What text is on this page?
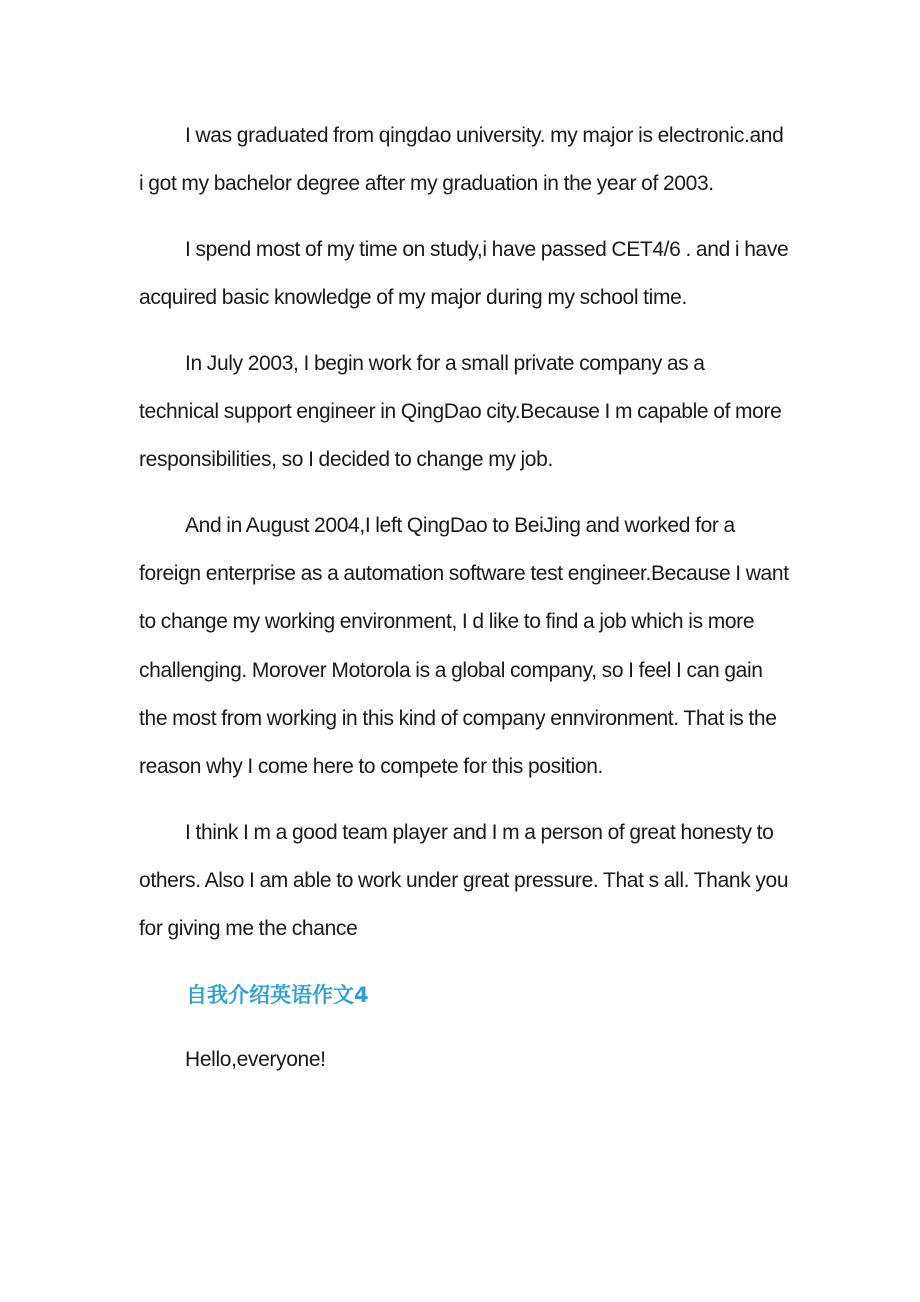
I was graduated from qingdao university. my major is electronic.and i got my bachelor degree after my graduation in the year of 2003.

I spend most of my time on study,i have passed CET4/6 . and i have acquired basic knowledge of my major during my school time.

In July 2003, I begin work for a small private company as a technical support engineer in QingDao city.Because I m capable of more responsibilities, so I decided to change my job.

And in August 2004,I left QingDao to BeiJing and worked for a foreign enterprise as a automation software test engineer.Because I want to change my working environment, I d like to find a job which is more challenging. Morover Motorola is a global company, so I feel I can gain the most from working in this kind of company ennvironment. That is the reason why I come here to compete for this position.

I think I m a good team player and I m a person of great honesty to others. Also I am able to work under great pressure. That s all. Thank you for giving me the chance

自我介绍英语作文4

Hello,everyone!
